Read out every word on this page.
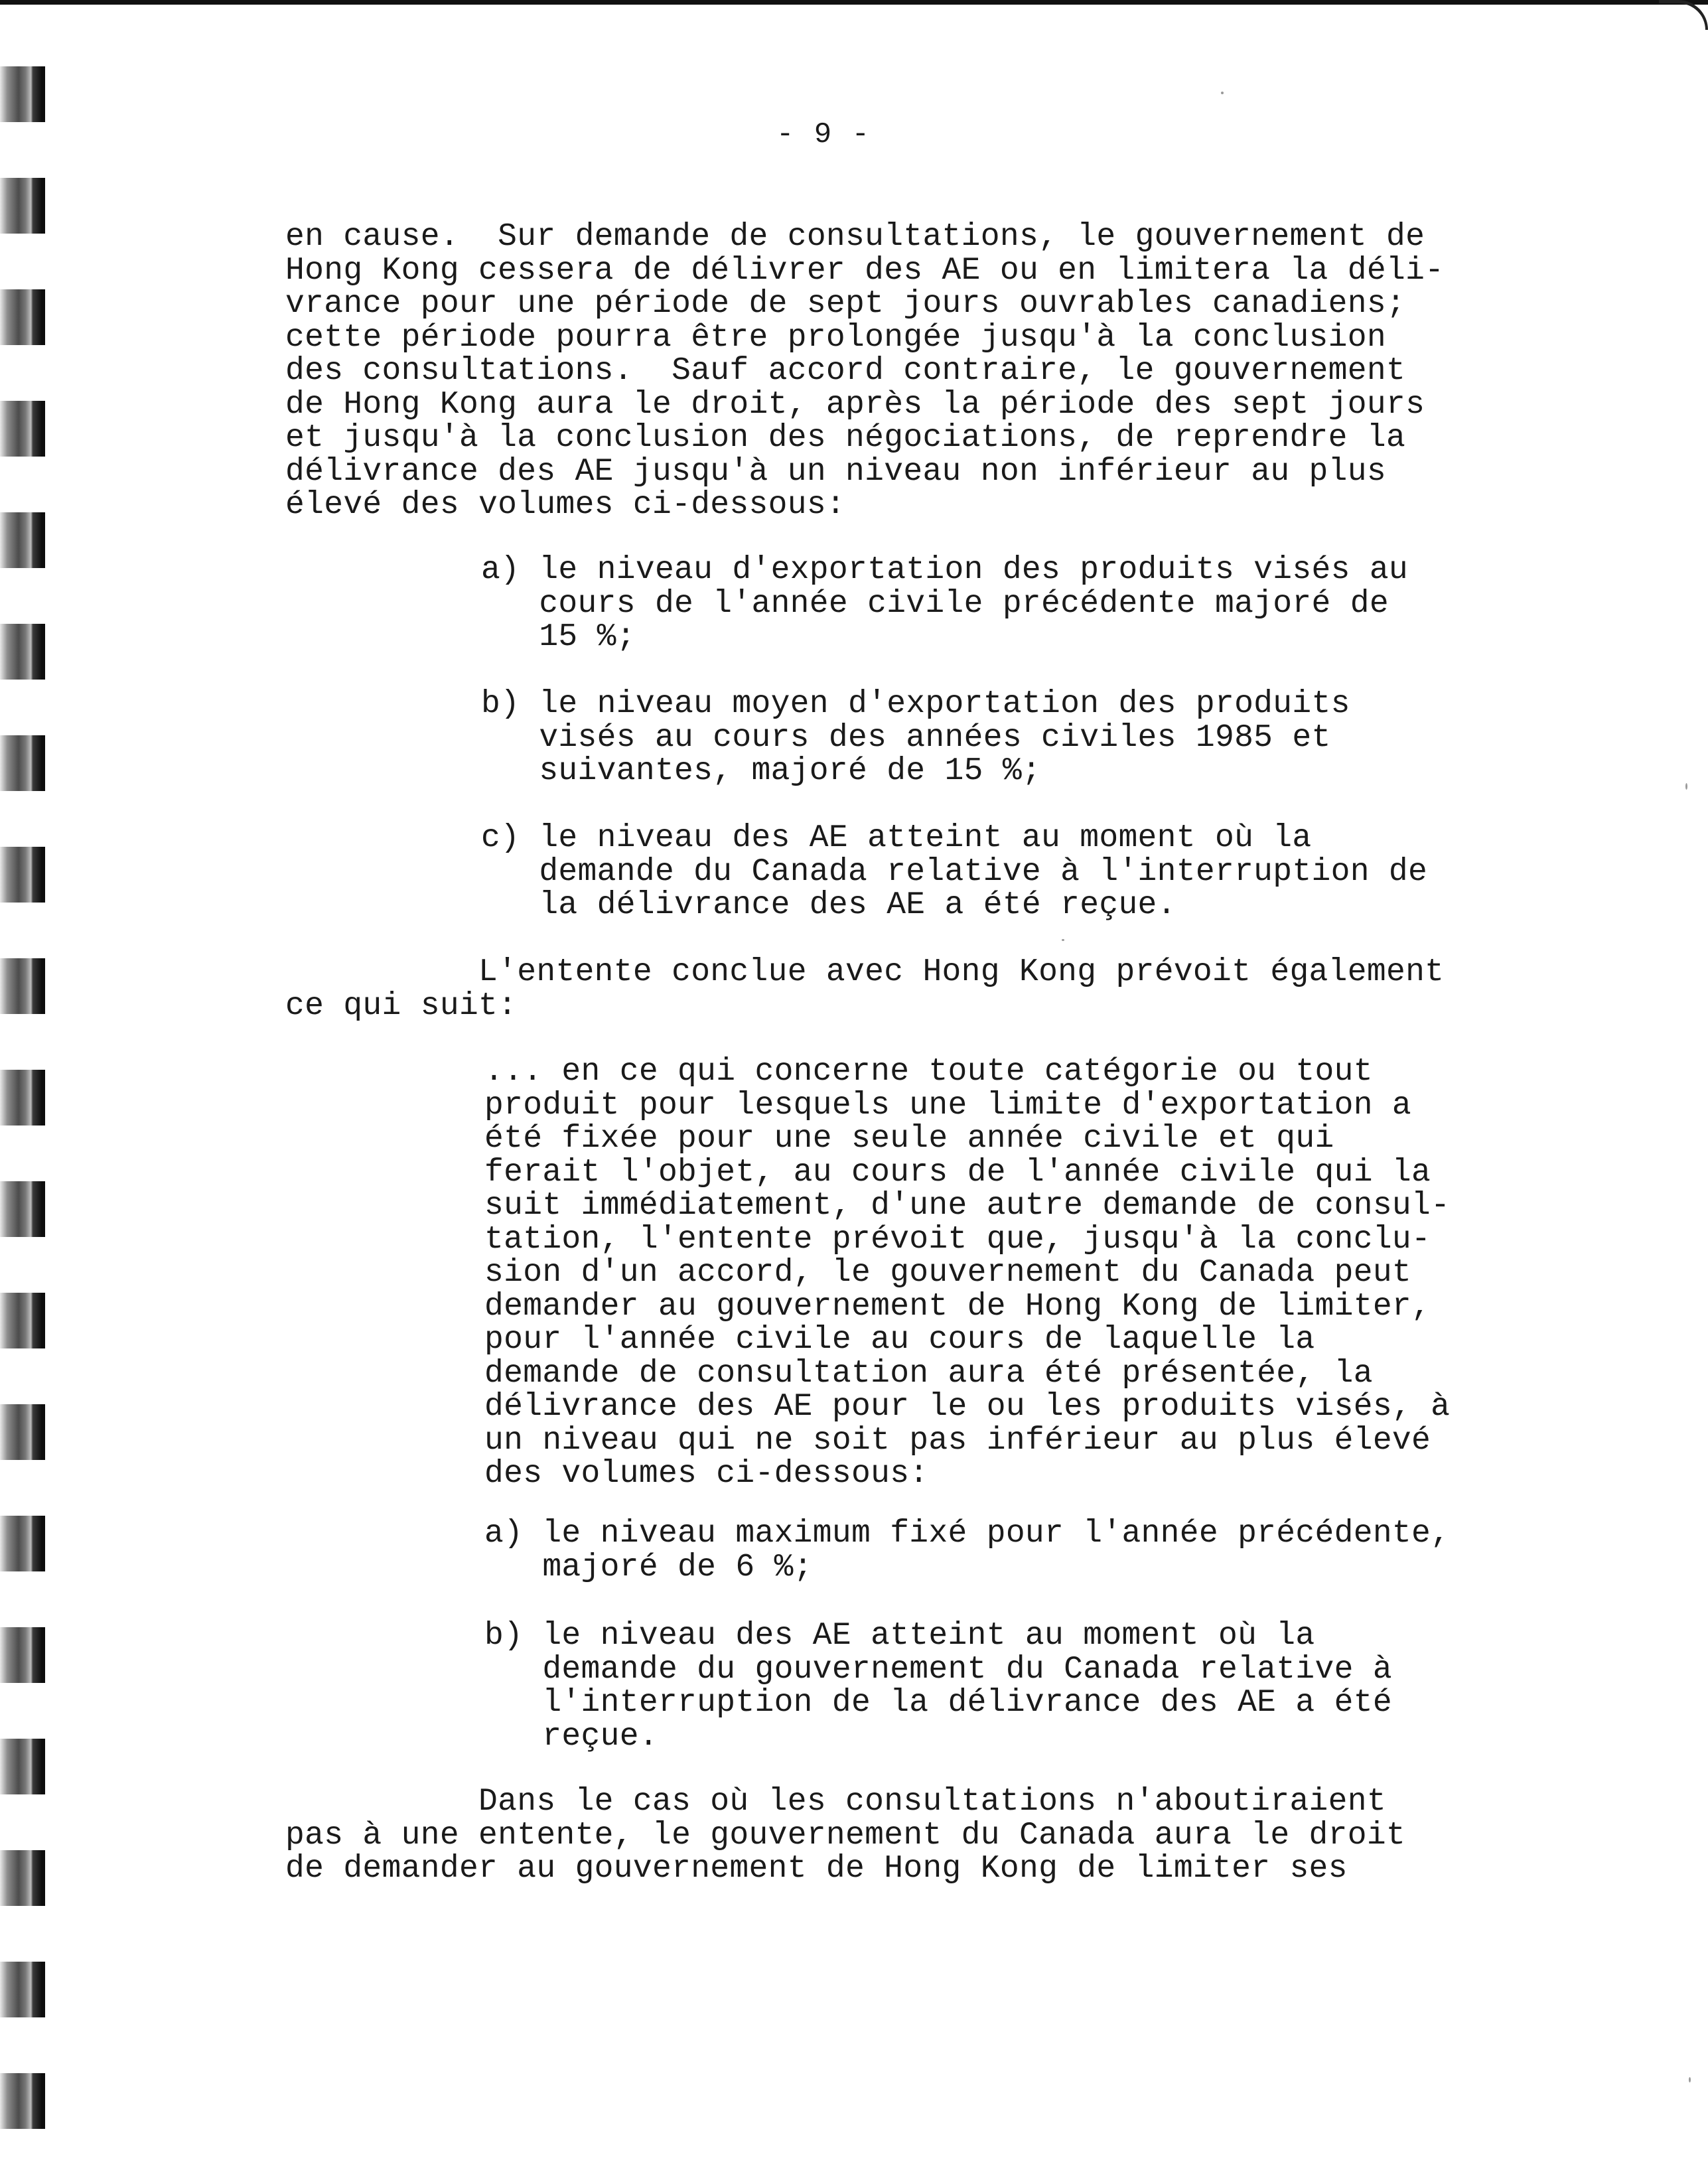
- 9 -
en cause.  Sur demande de consultations, le gouvernement de
Hong Kong cessera de délivrer des AE ou en limitera la déli-
vrance pour une période de sept jours ouvrables canadiens;
cette période pourra être prolongée jusqu'à la conclusion
des consultations.  Sauf accord contraire, le gouvernement
de Hong Kong aura le droit, après la période des sept jours
et jusqu'à la conclusion des négociations, de reprendre la
délivrance des AE jusqu'à un niveau non inférieur au plus
élevé des volumes ci-dessous:
a) le niveau d'exportation des produits visés au
cours de l'année civile précédente majoré de
15 %;
b) le niveau moyen d'exportation des produits
visés au cours des années civiles 1985 et
suivantes, majoré de 15 %;
c) le niveau des AE atteint au moment où la
demande du Canada relative à l'interruption de
la délivrance des AE a été reçue.
L'entente conclue avec Hong Kong prévoit également
ce qui suit:
... en ce qui concerne toute catégorie ou tout
produit pour lesquels une limite d'exportation a
été fixée pour une seule année civile et qui
ferait l'objet, au cours de l'année civile qui la
suit immédiatement, d'une autre demande de consul-
tation, l'entente prévoit que, jusqu'à la conclu-
sion d'un accord, le gouvernement du Canada peut
demander au gouvernement de Hong Kong de limiter,
pour l'année civile au cours de laquelle la
demande de consultation aura été présentée, la
délivrance des AE pour le ou les produits visés, à
un niveau qui ne soit pas inférieur au plus élevé
des volumes ci-dessous:
a) le niveau maximum fixé pour l'année précédente,
majoré de 6 %;
b) le niveau des AE atteint au moment où la
demande du gouvernement du Canada relative à
l'interruption de la délivrance des AE a été
reçue.
Dans le cas où les consultations n'aboutiraient
pas à une entente, le gouvernement du Canada aura le droit
de demander au gouvernement de Hong Kong de limiter ses
